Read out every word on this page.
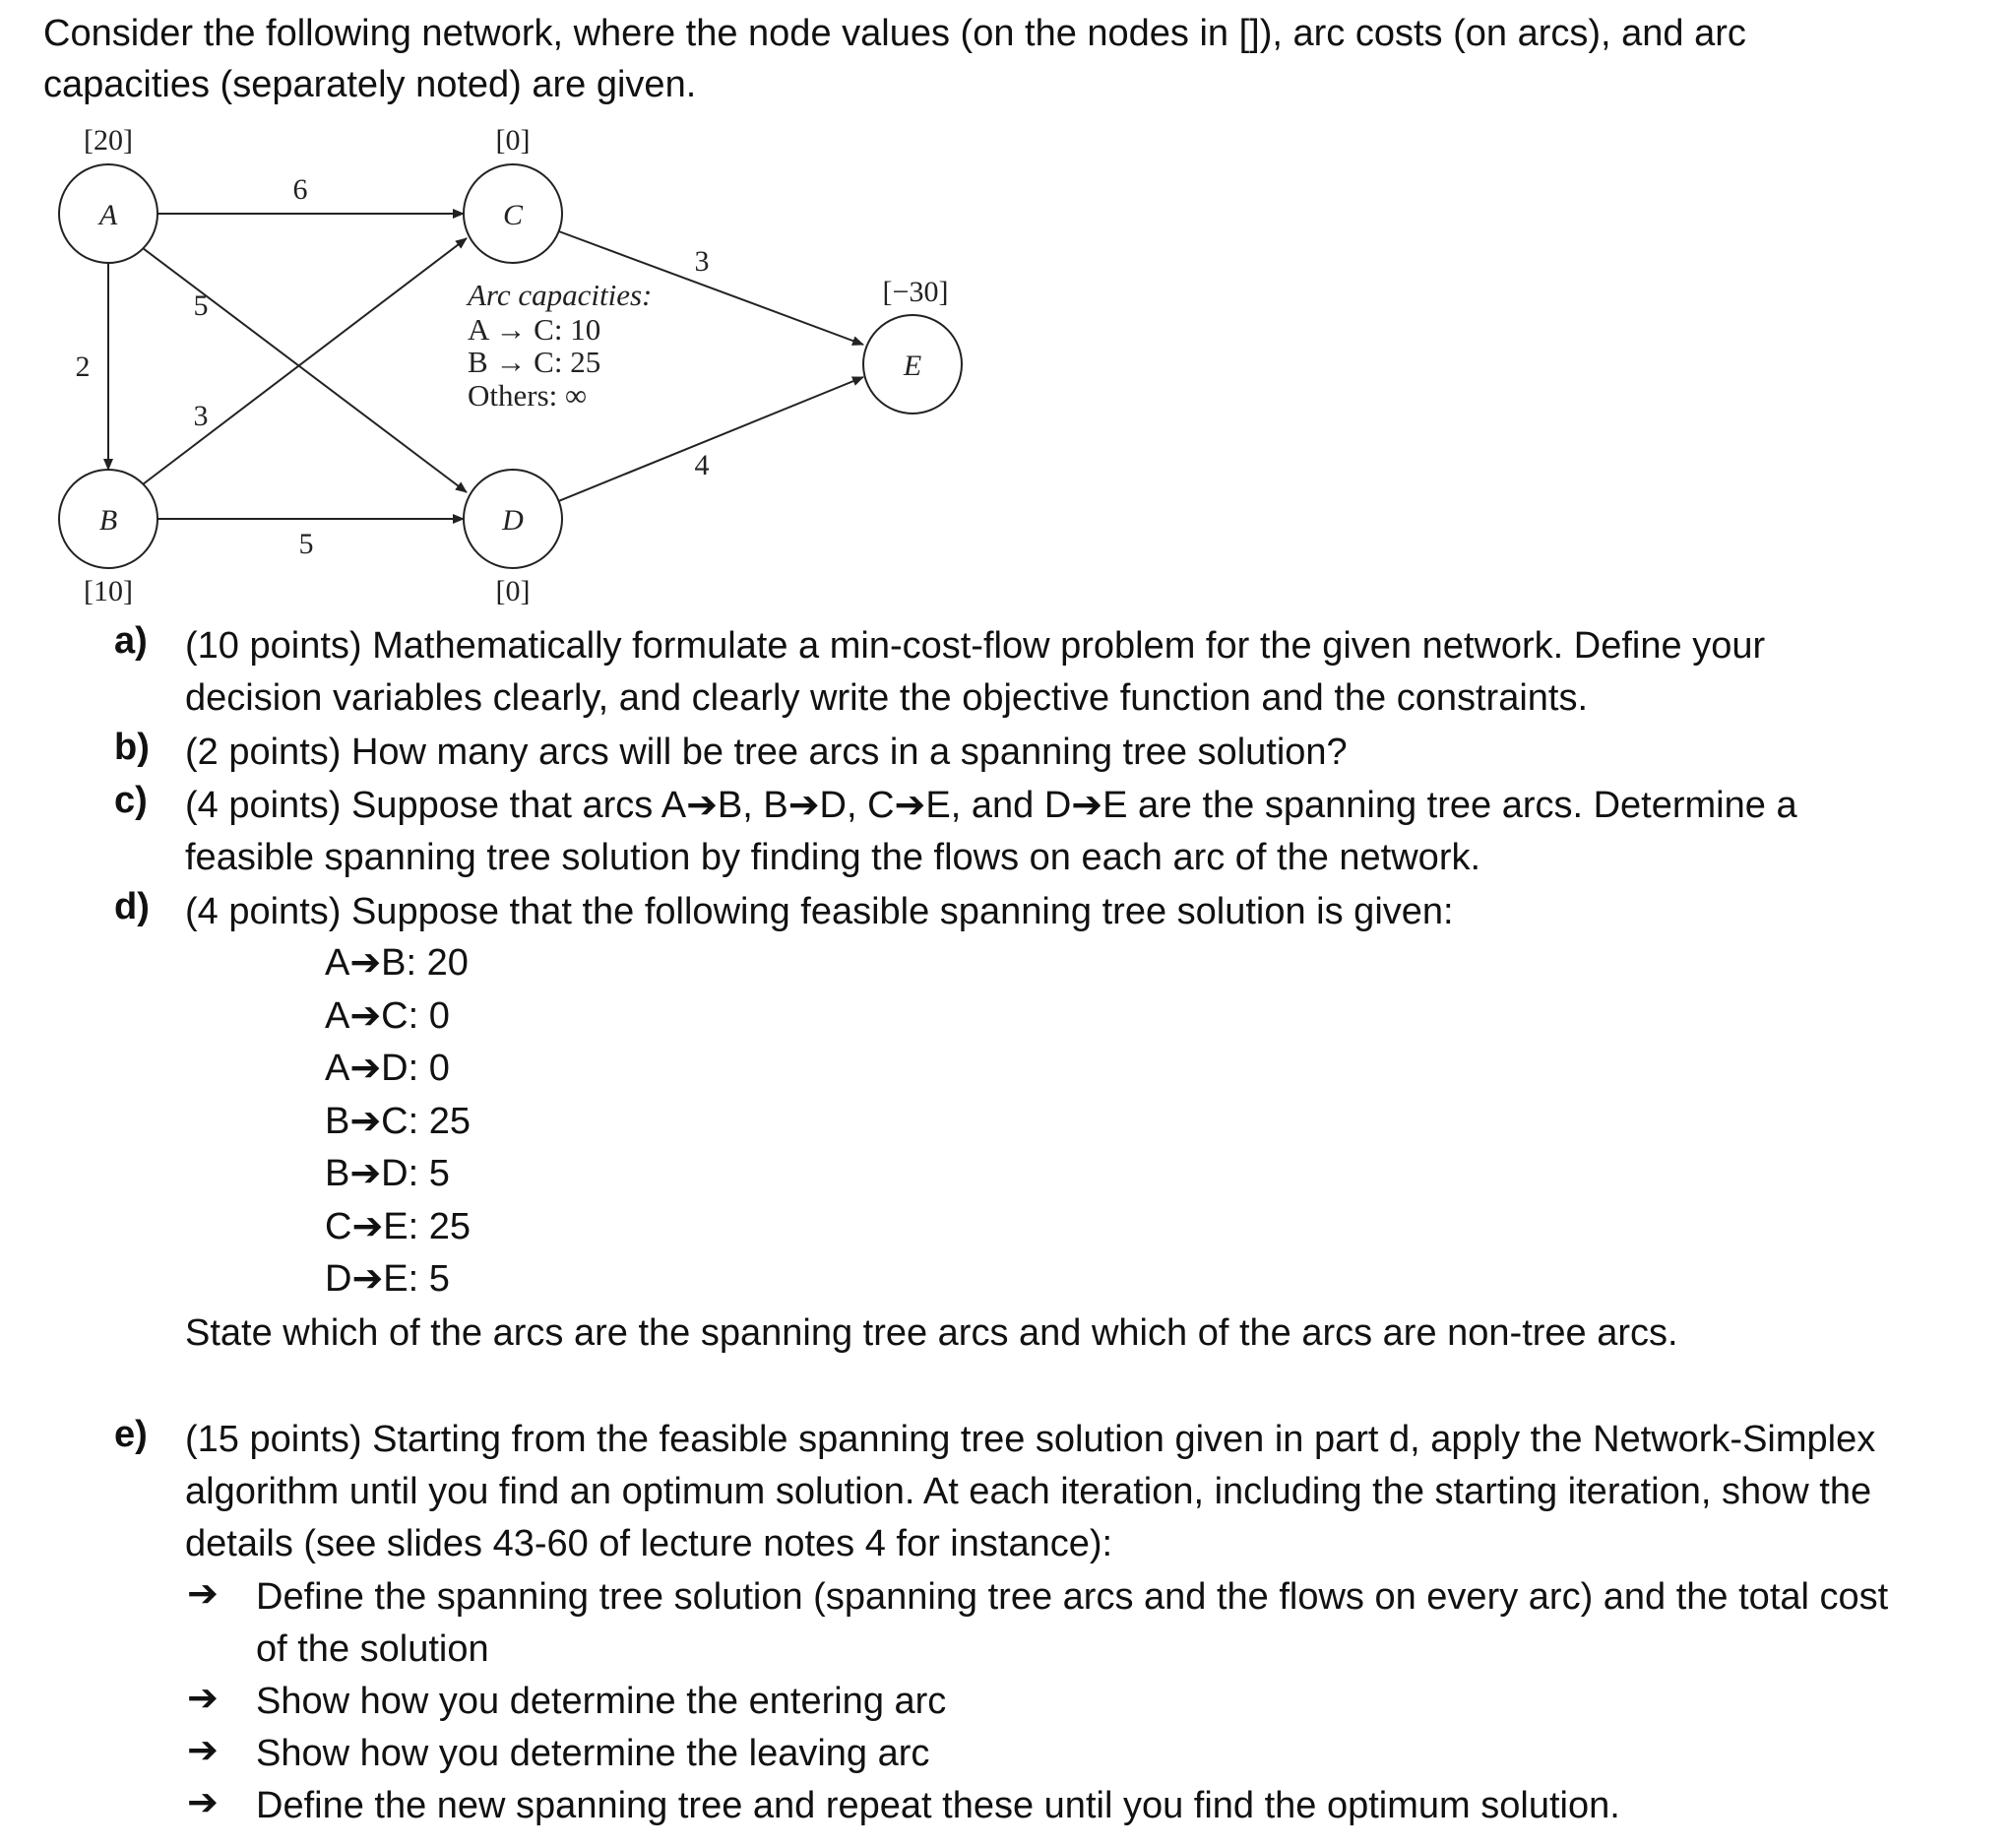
Consider the following network, where the node values (on the nodes in []), arc costs (on arcs), and arc capacities (separately noted) are given.
6
2
5
3
5
3
4
A	C
B	D
E
[20]	[0]
[−30]
[10]	[0]
Arc capacities:
A → C: 10
B → C: 25
Others: ∞
a) (10 points) Mathematically formulate a min-cost-flow problem for the given network. Define your decision variables clearly, and clearly write the objective function and the constraints.
b) (2 points) How many arcs will be tree arcs in a spanning tree solution?
c) (4 points) Suppose that arcs A➔B, B➔D, C➔E, and D➔E are the spanning tree arcs. Determine a feasible spanning tree solution by finding the flows on each arc of the network.
d) (4 points) Suppose that the following feasible spanning tree solution is given:
A➔B: 20
A➔C: 0
A➔D: 0
B➔C: 25
B➔D: 5
C➔E: 25
D➔E: 5
State which of the arcs are the spanning tree arcs and which of the arcs are non-tree arcs.
e) (15 points) Starting from the feasible spanning tree solution given in part d, apply the Network-Simplex algorithm until you find an optimum solution. At each iteration, including the starting iteration, show the details (see slides 43-60 of lecture notes 4 for instance):
➔ Define the spanning tree solution (spanning tree arcs and the flows on every arc) and the total cost of the solution
➔ Show how you determine the entering arc
➔ Show how you determine the leaving arc
➔ Define the new spanning tree and repeat these until you find the optimum solution.
